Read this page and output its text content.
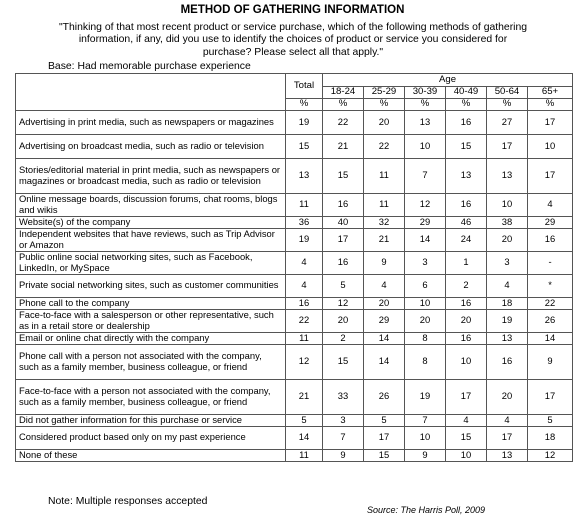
METHOD OF GATHERING INFORMATION
"Thinking of that most recent product or service purchase, which of the following methods of gathering information, if any, did you use to identify the choices of product or service you considered for purchase? Please select all that apply."
Base: Had memorable purchase experience
	Total	Age					
		18-24	25-29	30-39	40-49	50-64	65+
	%	%	%	%	%	%	%
Advertising in print media, such as newspapers or magazines	19	22	20	13	16	27	17
Advertising on broadcast media, such as radio or television	15	21	22	10	15	17	10
Stories/editorial material in print media, such as newspapers or magazines or broadcast media, such as radio or television	13	15	11	7	13	13	17
Online message boards, discussion forums, chat rooms, blogs and wikis	11	16	11	12	16	10	4
Website(s) of the company	36	40	32	29	46	38	29
Independent websites that have reviews, such as Trip Advisor or Amazon	19	17	21	14	24	20	16
Public online social networking sites, such as Facebook, LinkedIn, or MySpace	4	16	9	3	1	3	-
Private social networking sites, such as customer communities	4	5	4	6	2	4	*
Phone call to the company	16	12	20	10	16	18	22
Face-to-face with a salesperson or other representative, such as in a retail store or dealership	22	20	29	20	20	19	26
Email or online chat directly with the company	11	2	14	8	16	13	14
Phone call with a person not associated with the company, such as a family member, business colleague, or friend	12	15	14	8	10	16	9
Face-to-face with a person not associated with the company, such as a family member, business colleague, or friend	21	33	26	19	17	20	17
Did not gather information for this purchase or service	5	3	5	7	4	4	5
Considered product based only on my past experience	14	7	17	10	15	17	18
None of these	11	9	15	9	10	13	12
Note: Multiple responses accepted
Source: The Harris Poll, 2009
